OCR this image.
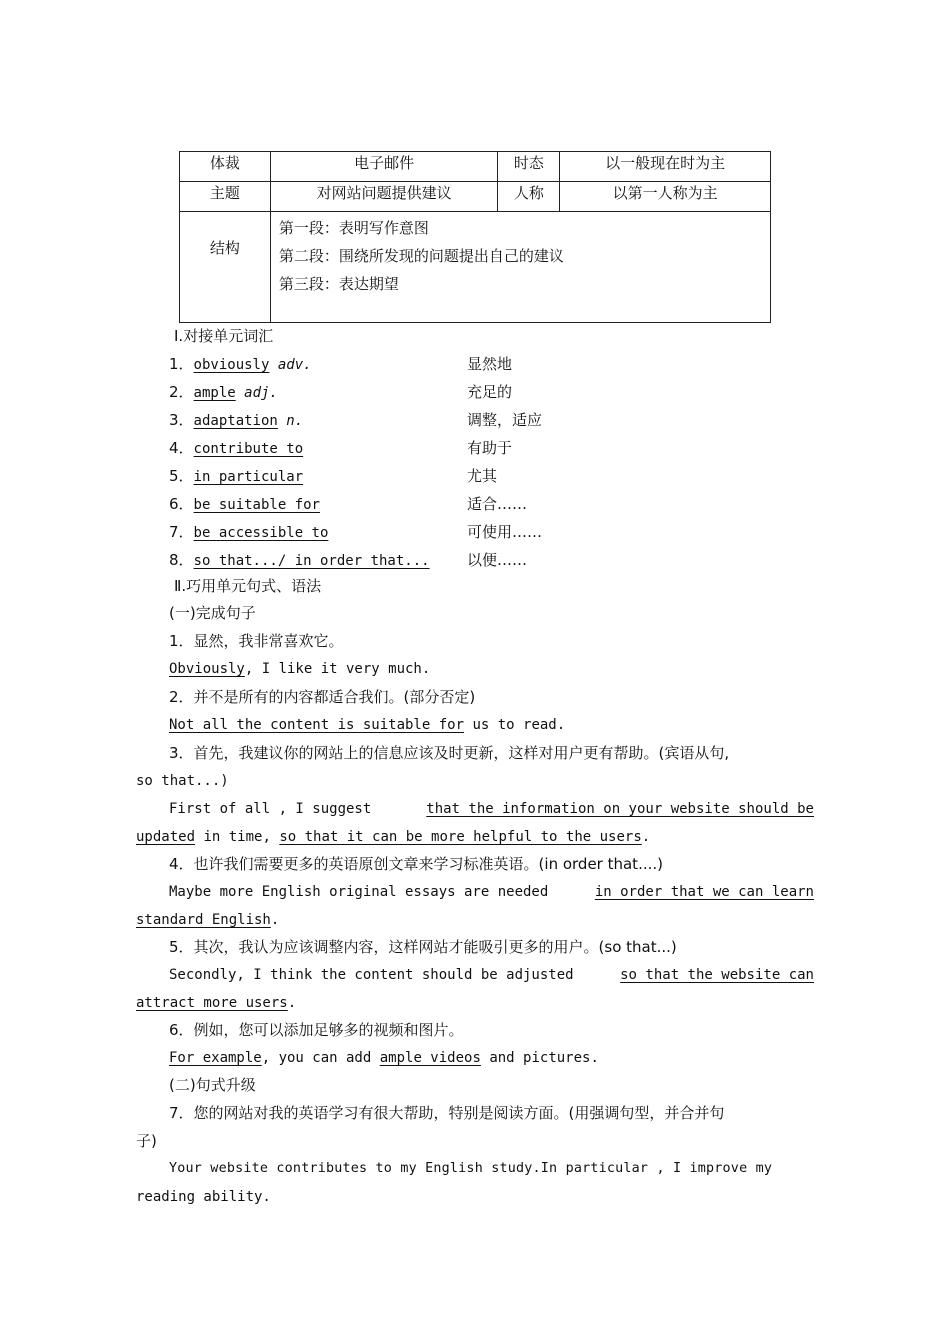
体裁	电子邮件	时态	以一般现在时为主
主题	对网站问题提供建议	人称	以第一人称为主
结构	第一段：表明写作意图
第二段：围绕所发现的问题提出自己的建议
第三段：表达期望		
Ⅰ.对接单元词汇
1．obviously adv.	显然地
2．ample adj.	充足的
3．adaptation n.	调整，适应
4．contribute to	有助于
5．in particular	尤其
6．be suitable for	适合……
7．be accessible to	可使用……
8．so that.../ in order that... 以便……
Ⅱ.巧用单元句式、语法
(一)完成句子
1．显然，我非常喜欢它。
Obviously, I like it very much.
2．并不是所有的内容都适合我们。(部分否定)
Not all the content is suitable for us to read.
3．首先，我建议你的网站上的信息应该及时更新，这样对用户更有帮助。(宾语从句,
so that...)
First of all , I suggest	that the information on your website should be
updated in time, so that it can be more helpful to the users.
4．也许我们需要更多的英语原创文章来学习标准英语。(in order that....)
Maybe more English original essays are needed	in order that we can learn
standard English.
5．其次，我认为应该调整内容，这样网站才能吸引更多的用户。(so that...)
Secondly, I think the content should be adjusted	so that the website can
attract more users.
6．例如，您可以添加足够多的视频和图片。
For example, you can add ample videos and pictures.
(二)句式升级
7．您的网站对我的英语学习有很大帮助，特别是阅读方面。(用强调句型，并合并句
子)
Your website contributes to my English study.In particular , I improve my
reading ability.
